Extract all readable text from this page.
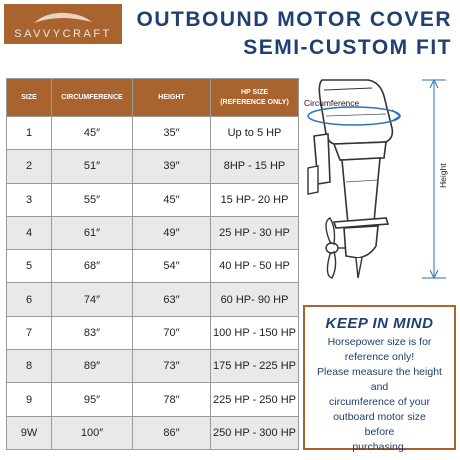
SAVVYCRAFT
OUTBOUND MOTOR COVER
SEMI-CUSTOM FIT
SIZE	CIRCUMFERENCE	HEIGHT	HP SIZE
(REFERENCE ONLY)

1	45″	35″	Up to 5 HP
2	51″	39″	8HP - 15 HP
3	55″	45″	15 HP- 20 HP
4	61″	49″	25 HP - 30 HP
5	68″	54″	40 HP - 50 HP
6	74″	63″	60 HP- 90 HP
7	83″	70″	100 HP - 150 HP
8	89″	73″	175 HP - 225 HP
9	95″	78″	225 HP - 250 HP
9W	100″	86″	250 HP - 300 HP
Circumference
Height
KEEP IN MIND
Horsepower size is for
reference only!
Please measure the height and
circumference of your
outboard motor size
before
purchasing.
